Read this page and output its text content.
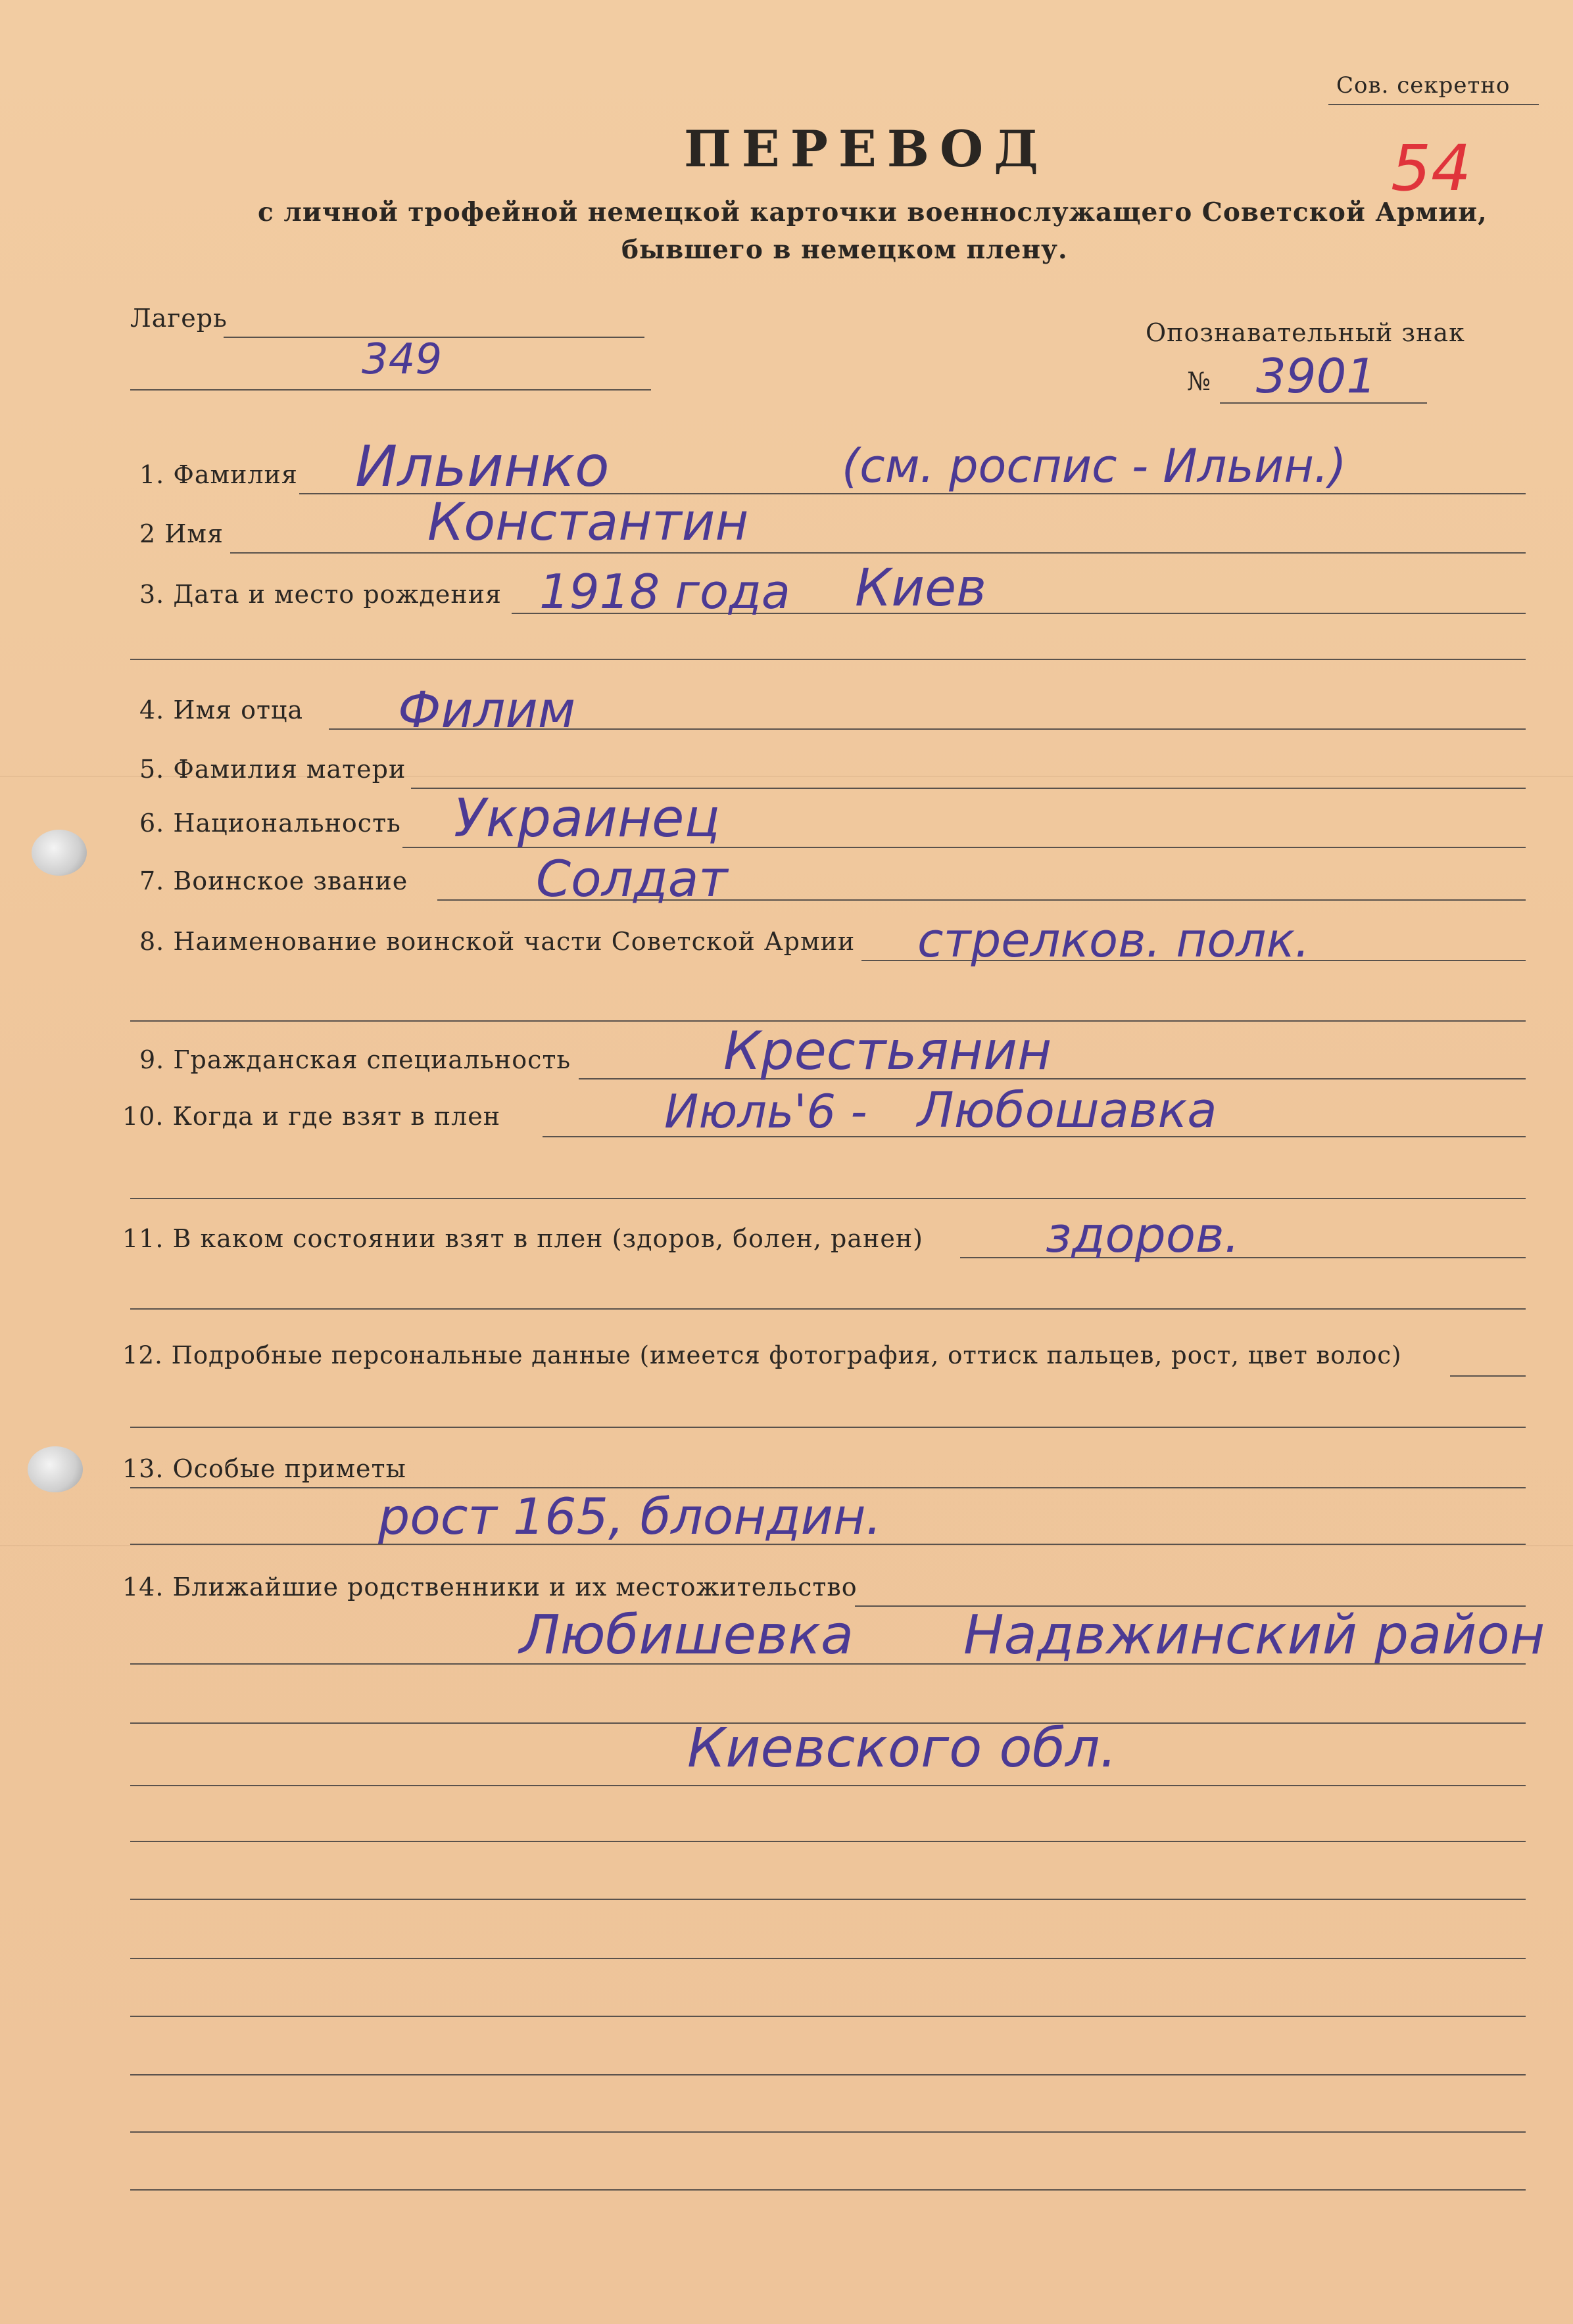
Сов. секретно
54
ПЕРЕВОД
с личной трофейной немецкой карточки военнослужащего Советской Армии,
бывшего в немецком плену.
Лагерь
349
Опознавательный знак
№ 3901
1. Фамилия Ильинко	(см. роспис - Ильин.)
2 Имя	Константин
3. Дата и место рождения 1918 года Киев
4. Имя отца Филим
5. Фамилия матери
6. Национальность Украинец
7. Воинское звание	Солдат
8. Наименование воинской части Советской Армии стрелков. полк.
9. Гражданская специальность	Крестьянин
10. Когда и где взят в плен	Июль'6 - Любошавка
11. В каком состоянии взят в плен (здоров, болен, ранен)	здоров.
12. Подробные персональные данные (имеется фотография, оттиск пальцев, рост, цвет волос)
13. Особые приметы
рост 165, блондин.
14. Ближайшие родственники и их местожительство
Любишевка Надвжинский район
Киевского обл.
